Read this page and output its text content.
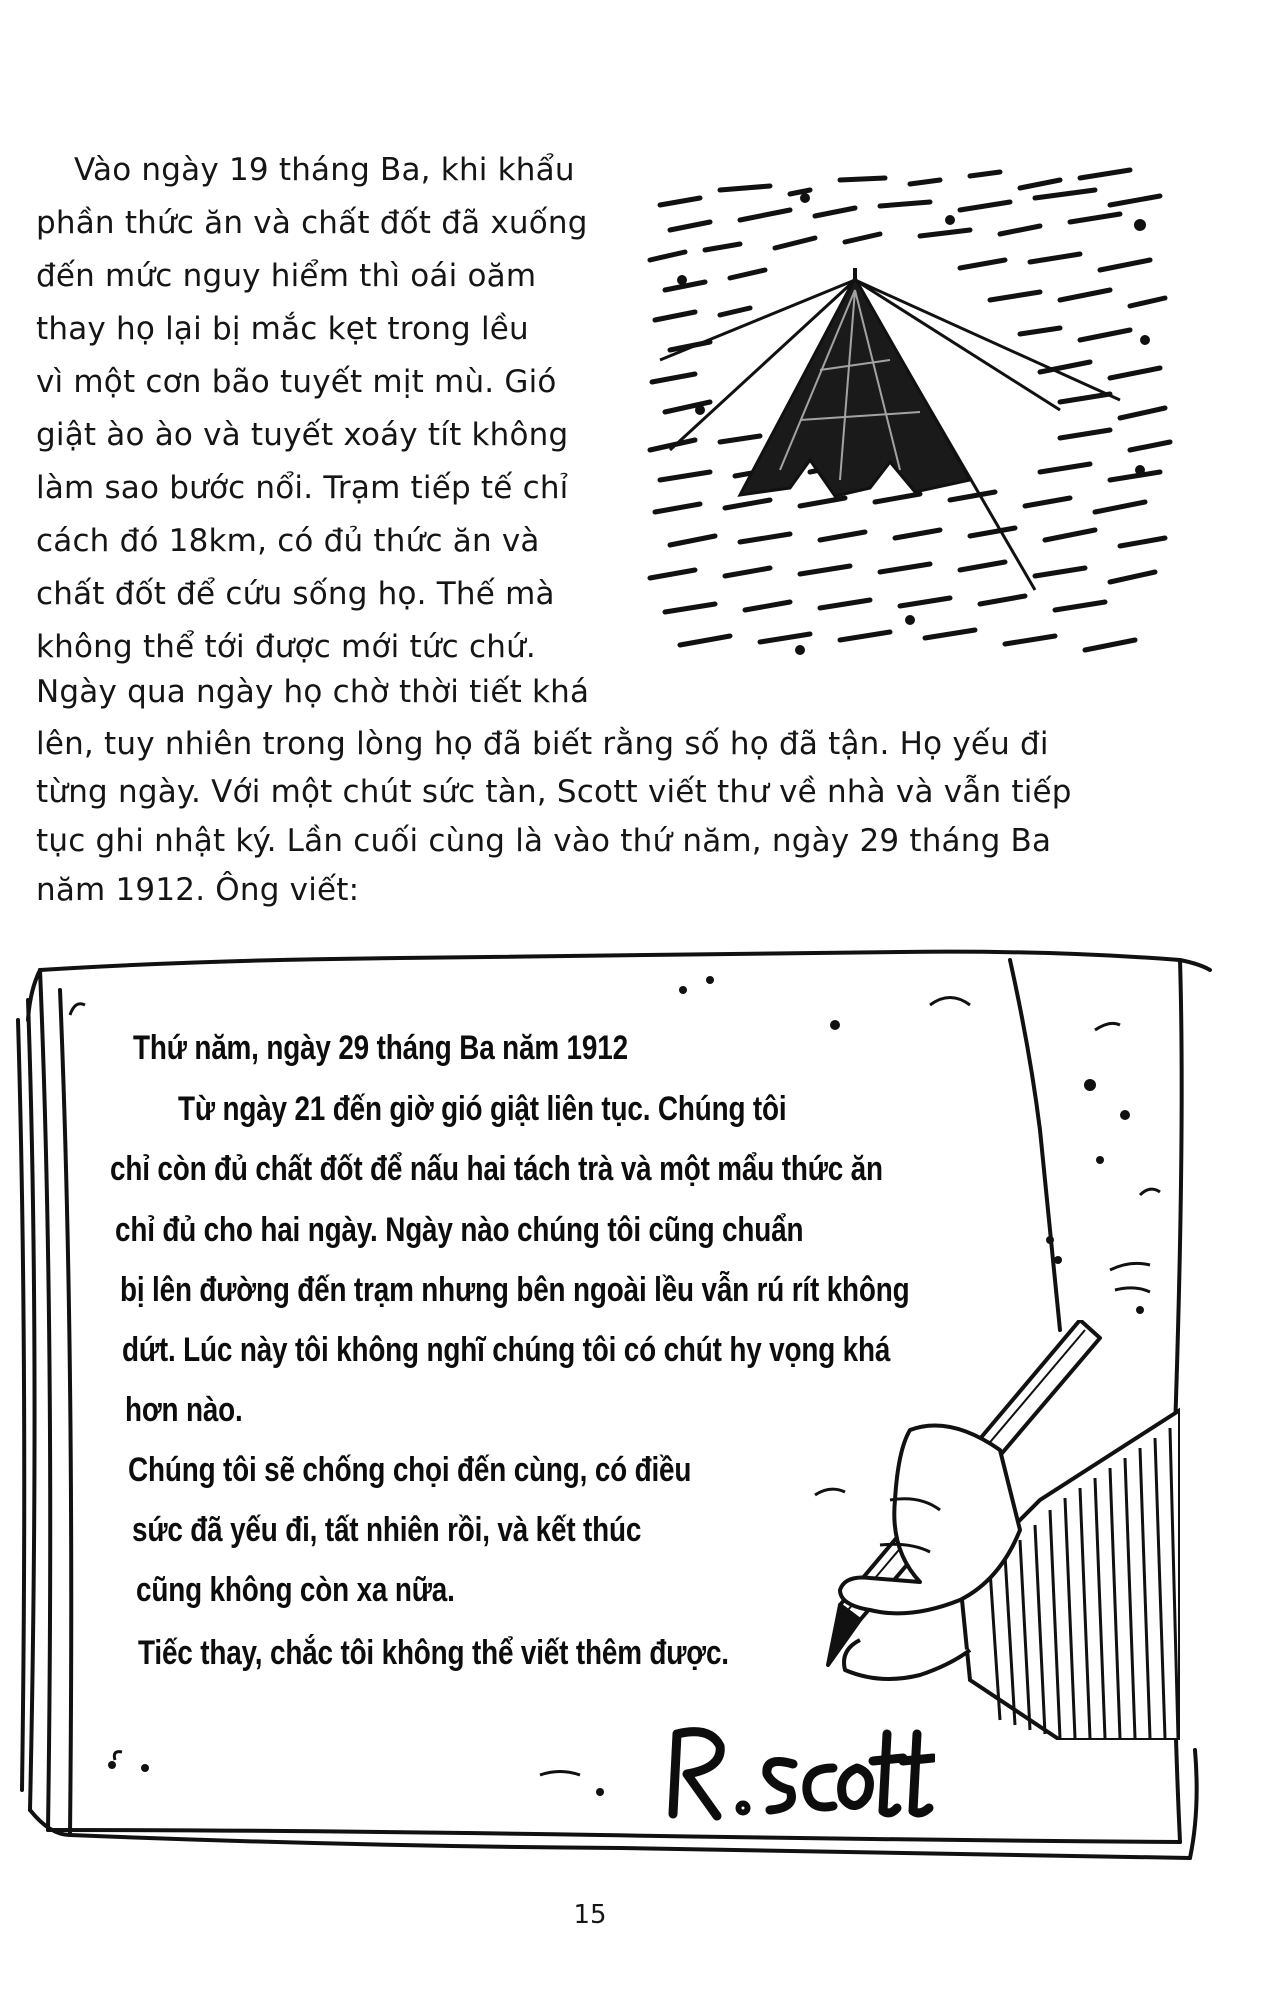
Vào ngày 19 tháng Ba, khi khẩu
phần thức ăn và chất đốt đã xuống
đến mức nguy hiểm thì oái oăm
thay họ lại bị mắc kẹt trong lều
vì một cơn bão tuyết mịt mù. Gió
giật ào ào và tuyết xoáy tít không
làm sao bước nổi. Trạm tiếp tế chỉ
cách đó 18km, có đủ thức ăn và
chất đốt để cứu sống họ. Thế mà
không thể tới được mới tức chứ.
Ngày qua ngày họ chờ thời tiết khá
lên, tuy nhiên trong lòng họ đã biết rằng số họ đã tận. Họ yếu đi
từng ngày. Với một chút sức tàn, Scott viết thư về nhà và vẫn tiếp
tục ghi nhật ký. Lần cuối cùng là vào thứ năm, ngày 29 tháng Ba
năm 1912. Ông viết:
Thứ năm, ngày 29 tháng Ba năm 1912
Từ ngày 21 đến giờ gió giật liên tục. Chúng tôi
chỉ còn đủ chất đốt để nấu hai tách trà và một mẩu thức ăn
chỉ đủ cho hai ngày. Ngày nào chúng tôi cũng chuẩn
bị lên đường đến trạm nhưng bên ngoài lều vẫn rú rít không
dứt. Lúc này tôi không nghĩ chúng tôi có chút hy vọng khá
hơn nào.
Chúng tôi sẽ chống chọi đến cùng, có điều
sức đã yếu đi, tất nhiên rồi, và kết thúc
cũng không còn xa nữa.
Tiếc thay, chắc tôi không thể viết thêm được.
15
